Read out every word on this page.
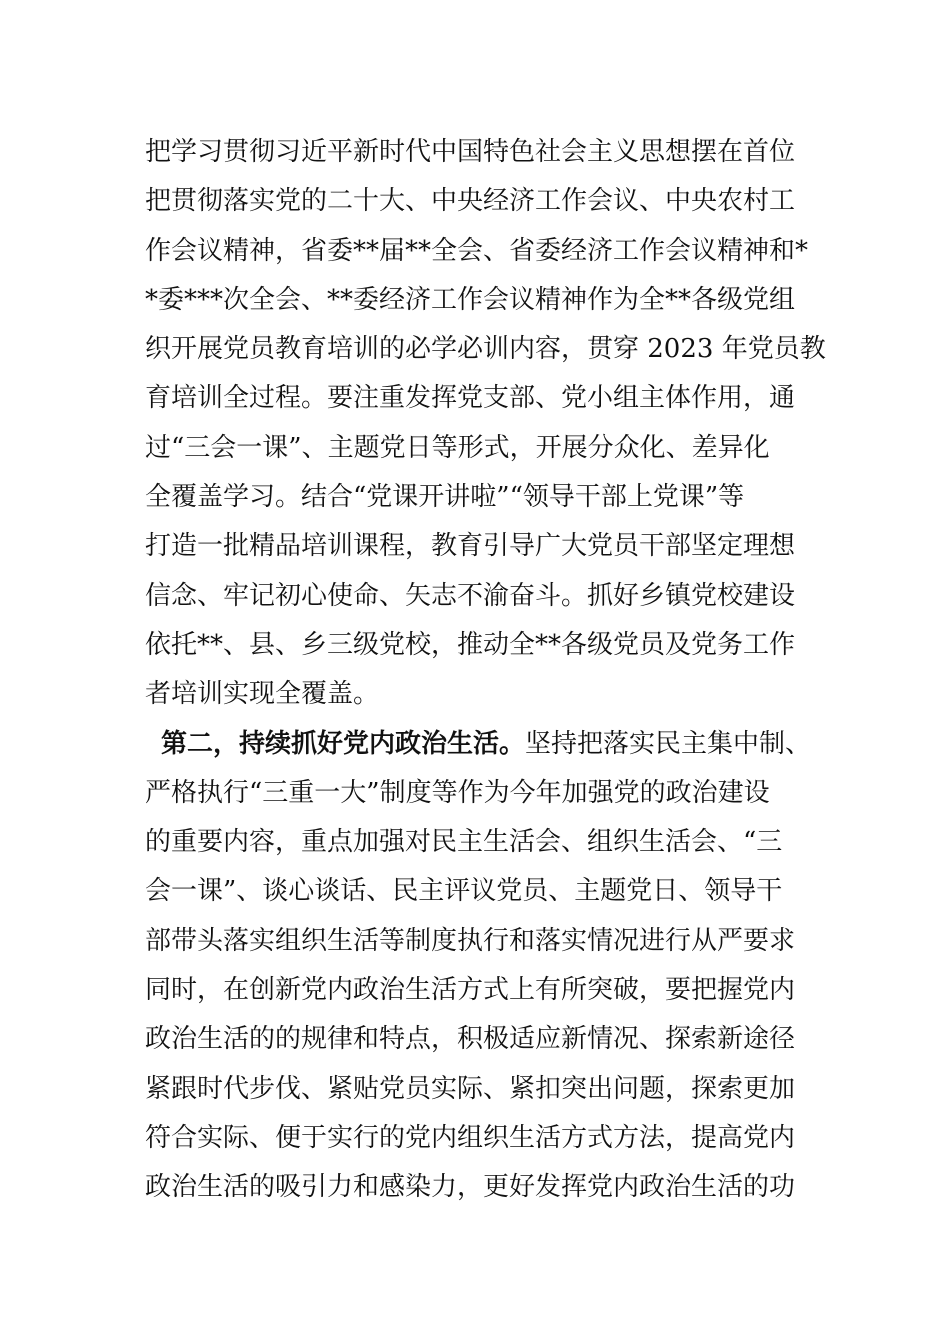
把学习贯彻习近平新时代中国特色社会主义思想摆在首位
把贯彻落实党的二十大、中央经济工作会议、中央农村工
作会议精神，省委**届**全会、省委经济工作会议精神和*
*委***次全会、**委经济工作会议精神作为全**各级党组
织开展党员教育培训的必学必训内容，贯穿 2023 年党员教
育培训全过程。要注重发挥党支部、党小组主体作用，通
过“三会一课”、主题党日等形式，开展分众化、差异化
全覆盖学习。结合“党课开讲啦”“领导干部上党课”等
打造一批精品培训课程，教育引导广大党员干部坚定理想
信念、牢记初心使命、矢志不渝奋斗。抓好乡镇党校建设
依托**、县、乡三级党校，推动全**各级党员及党务工作
者培训实现全覆盖。
第二，持续抓好党内政治生活。坚持把落实民主集中制、
严格执行“三重一大”制度等作为今年加强党的政治建设
的重要内容，重点加强对民主生活会、组织生活会、“三
会一课”、谈心谈话、民主评议党员、主题党日、领导干
部带头落实组织生活等制度执行和落实情况进行从严要求
同时，在创新党内政治生活方式上有所突破，要把握党内
政治生活的的规律和特点，积极适应新情况、探索新途径
紧跟时代步伐、紧贴党员实际、紧扣突出问题，探索更加
符合实际、便于实行的党内组织生活方式方法，提高党内
政治生活的吸引力和感染力，更好发挥党内政治生活的功
